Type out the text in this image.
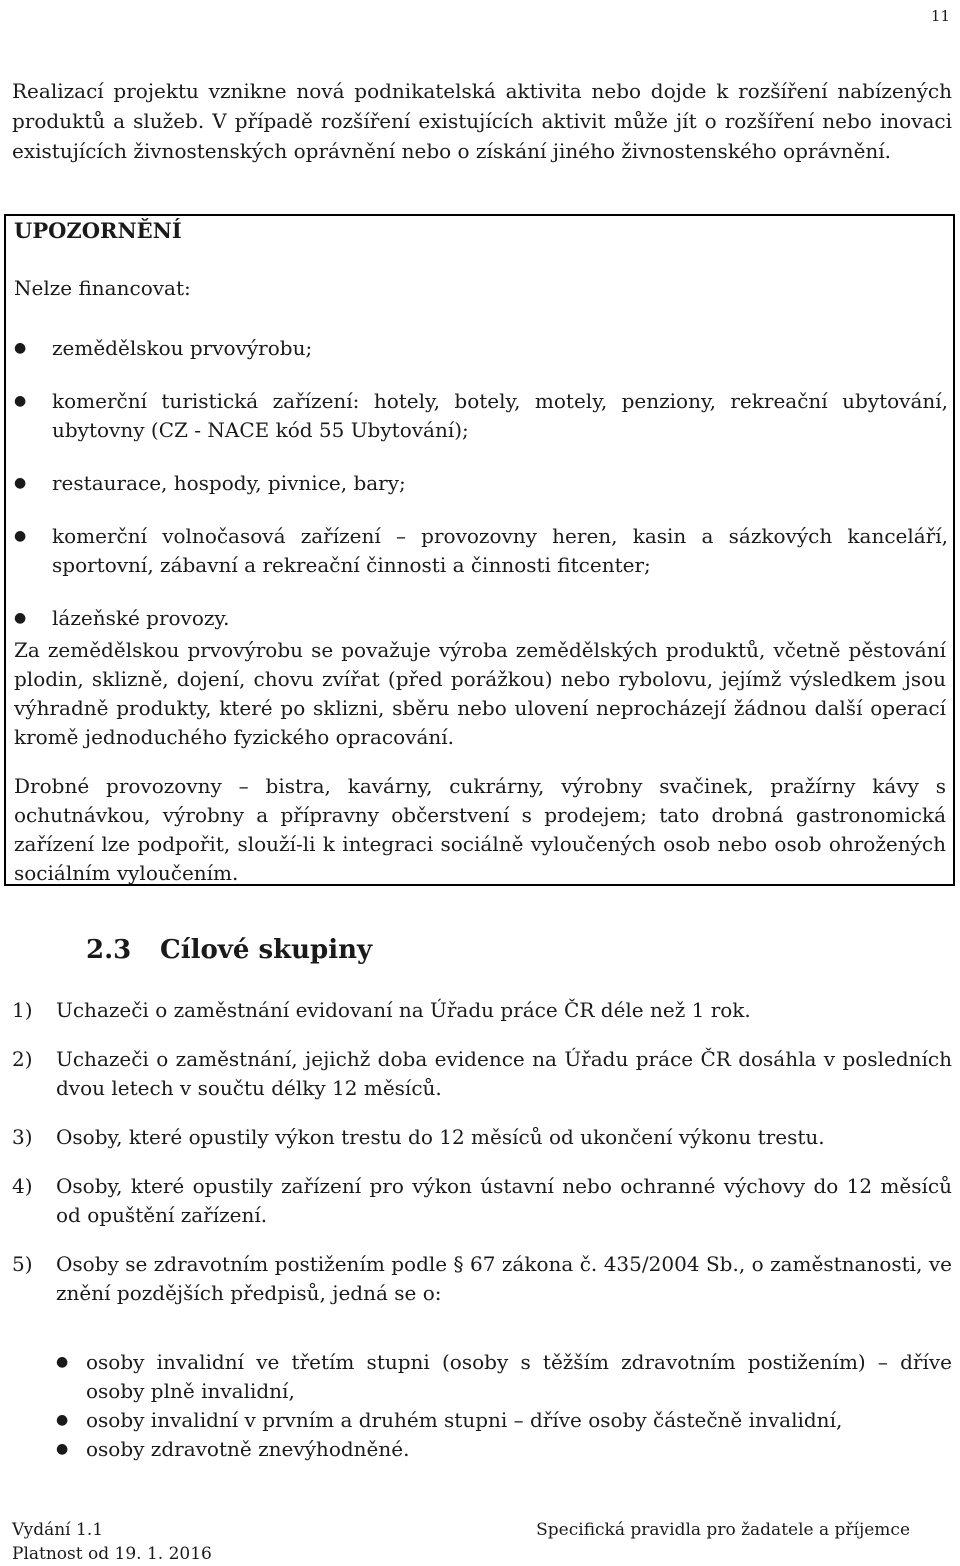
11

Realizací projektu vznikne nová podnikatelská aktivita nebo dojde k rozšíření nabízených produktů a služeb. V případě rozšíření existujících aktivit může jít o rozšíření nebo inovaci existujících živnostenských oprávnění nebo o získání jiného živnostenského oprávnění.

UPOZORNĚNÍ
Nelze financovat:
● zemědělskou prvovýrobu;
● komerční turistická zařízení: hotely, botely, motely, penziony, rekreační ubytování, ubytovny (CZ - NACE kód 55 Ubytování);
● restaurace, hospody, pivnice, bary;
● komerční volnočasová zařízení – provozovny heren, kasin a sázkových kanceláří, sportovní, zábavní a rekreační činnosti a činnosti fitcenter;
● lázeňské provozy.

Za zemědělskou prvovýrobu se považuje výroba zemědělských produktů, včetně pěstování plodin, sklizně, dojení, chovu zvířat (před porážkou) nebo rybolovu, jejímž výsledkem jsou výhradně produkty, které po sklizni, sběru nebo ulovení neprocházejí žádnou další operací kromě jednoduchého fyzického opracování.

Drobné provozovny – bistra, kavárny, cukrárny, výrobny svačinek, pražírny kávy s ochutnávkou, výrobny a přípravny občerstvení s prodejem; tato drobná gastronomická zařízení lze podpořit, slouží-li k integraci sociálně vyloučených osob nebo osob ohrožených sociálním vyloučením.

2.3 Cílové skupiny
1) Uchazeči o zaměstnání evidovaní na Úřadu práce ČR déle než 1 rok.
2) Uchazeči o zaměstnání, jejichž doba evidence na Úřadu práce ČR dosáhla v posledních dvou letech v součtu délky 12 měsíců.
3) Osoby, které opustily výkon trestu do 12 měsíců od ukončení výkonu trestu.
4) Osoby, které opustily zařízení pro výkon ústavní nebo ochranné výchovy do 12 měsíců od opuštění zařízení.
5) Osoby se zdravotním postižením podle § 67 zákona č. 435/2004 Sb., o zaměstnanosti, ve znění pozdějších předpisů, jedná se o:
● osoby invalidní ve třetím stupni (osoby s těžším zdravotním postižením) – dříve osoby plně invalidní,
● osoby invalidní v prvním a druhém stupni – dříve osoby částečně invalidní,
● osoby zdravotně znevýhodněné.
Vydání 1.1
Platnost od 19. 1. 2016
Specifická pravidla pro žadatele a příjemce
